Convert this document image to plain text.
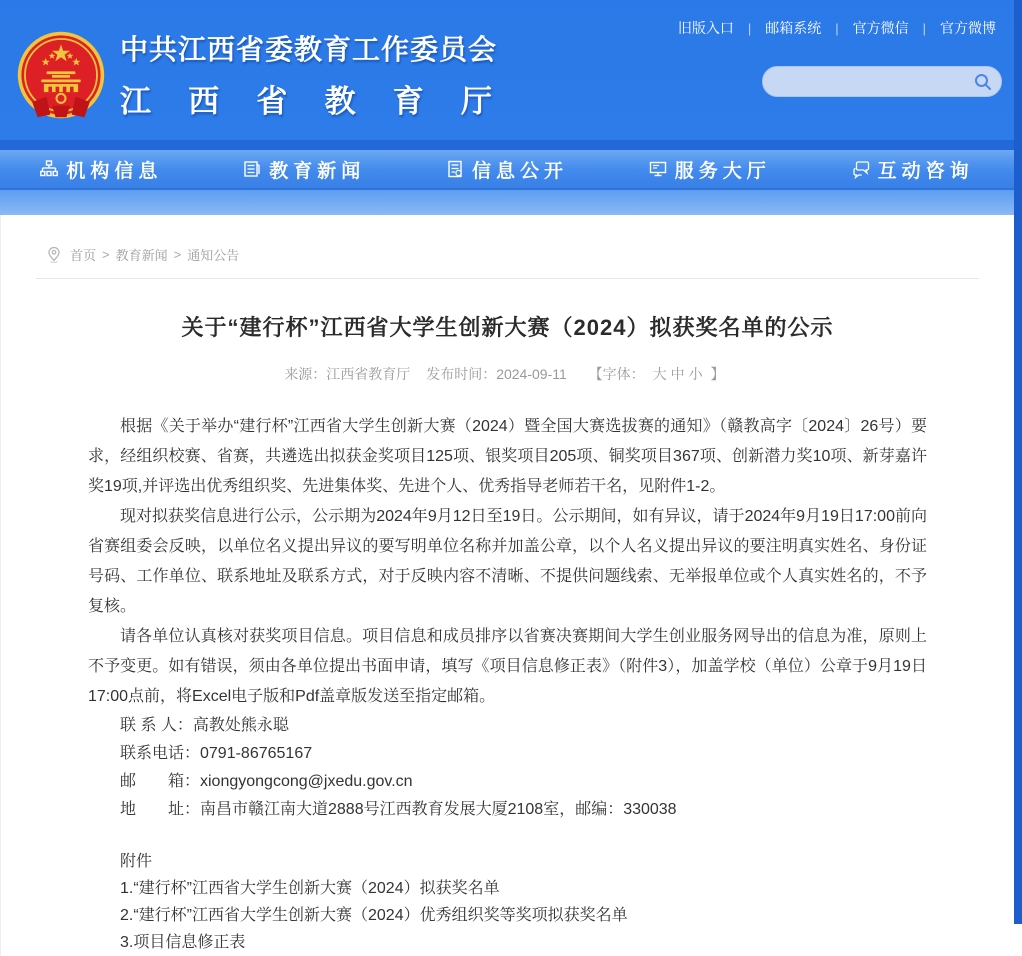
旧版入口 | 邮箱系统 | 官方微信 | 官方微博
中共江西省委教育工作委员会
江西省教育厅
机构信息	教育新闻	信息公开	服务大厅	互动咨询
首页 > 教育新闻 > 通知公告
关于“建行杯”江西省大学生创新大赛（2024）拟获奖名单的公示
来源：江西省教育厅 发布时间：2024-09-11 【字体： 大 中 小 】

根据《关于举办“建行杯”江西省大学生创新大赛（2024）暨全国大赛选拔赛的通知》（赣教高字〔2024〕26号）要求，经组织校赛、省赛，共遴选出拟获金奖项目125项、银奖项目205项、铜奖项目367项、创新潜力奖10项、新芽嘉许奖19项,并评选出优秀组织奖、先进集体奖、先进个人、优秀指导老师若干名，见附件1-2。

现对拟获奖信息进行公示，公示期为2024年9月12日至19日。公示期间，如有异议，请于2024年9月19日17:00前向省赛组委会反映，以单位名义提出异议的要写明单位名称并加盖公章，以个人名义提出异议的要注明真实姓名、身份证号码、工作单位、联系地址及联系方式，对于反映内容不清晰、不提供问题线索、无举报单位或个人真实姓名的，不予复核。

请各单位认真核对获奖项目信息。项目信息和成员排序以省赛决赛期间大学生创业服务网导出的信息为准，原则上不予变更。如有错误，须由各单位提出书面申请，填写《项目信息修正表》（附件3），加盖学校（单位）公章于9月19日17:00点前，将Excel电子版和Pdf盖章版发送至指定邮箱。

联 系 人：高教处熊永聪

联系电话：0791-86765167

邮　　箱：xiongyongcong@jxedu.gov.cn

地　　址：南昌市赣江南大道2888号江西教育发展大厦2108室，邮编：330038

附件

1.“建行杯”江西省大学生创新大赛（2024）拟获奖名单

2.“建行杯”江西省大学生创新大赛（2024）优秀组织奖等奖项拟获奖名单

3.项目信息修正表
